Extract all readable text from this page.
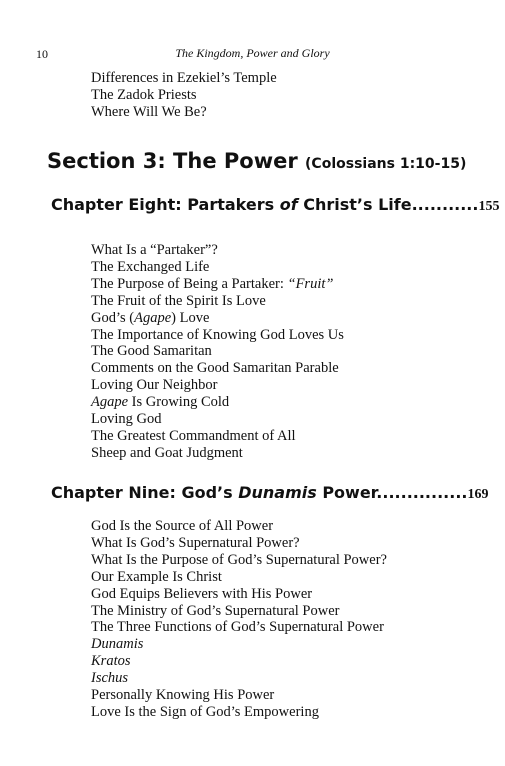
10	The Kingdom, Power and Glory
Differences in Ezekiel’s Temple
The Zadok Priests
Where Will We Be?
Section 3: The Power (Colossians 1:10-15)
Chapter Eight: Partakers of Christ’s Life...........155
What Is a “Partaker”?
The Exchanged Life
The Purpose of Being a Partaker: “Fruit”
The Fruit of the Spirit Is Love
God’s (Agape) Love
The Importance of Knowing God Loves Us
The Good Samaritan
Comments on the Good Samaritan Parable
Loving Our Neighbor
Agape Is Growing Cold
Loving God
The Greatest Commandment of All
Sheep and Goat Judgment
Chapter Nine: God’s Dunamis Power...............169
God Is the Source of All Power
What Is God’s Supernatural Power?
What Is the Purpose of God’s Supernatural Power?
Our Example Is Christ
God Equips Believers with His Power
The Ministry of God’s Supernatural Power
The Three Functions of God’s Supernatural Power
Dunamis
Kratos
Ischus
Personally Knowing His Power
Love Is the Sign of God’s Empowering
